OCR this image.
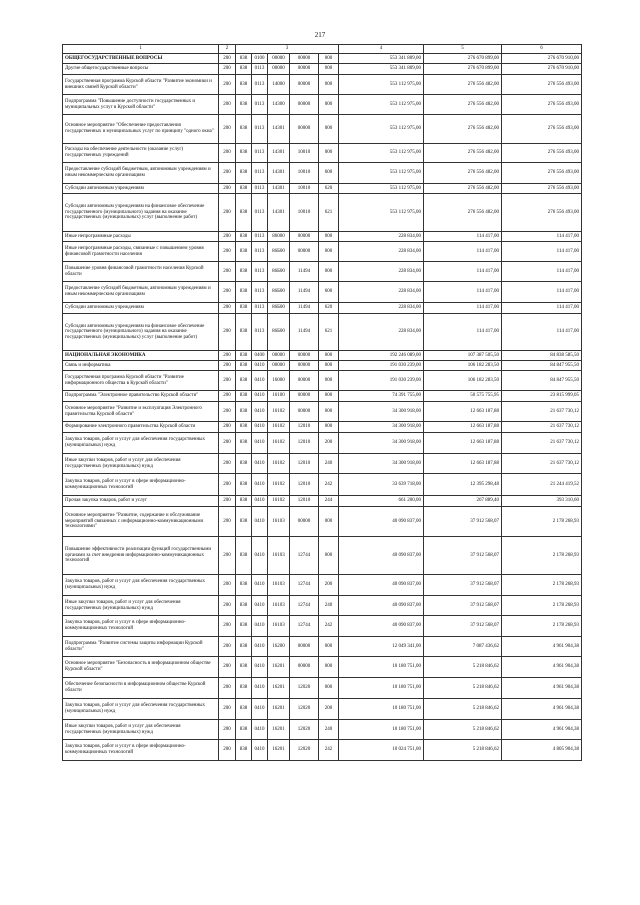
217
1	2	3					4	5	6
ОБЩЕГОСУДАРСТВЕННЫЕ ВОПРОСЫ	200	838	0100	00000	00000	000	553 341 809,00	276 670 899,00	276 670 910,00
Другие общегосударственные вопросы	200	838	0113	00000	00000	000	553 341 809,00	276 670 899,00	276 670 910,00
Государственная программа Курской области "Развитие экономики и внешних связей Курской области"	200	838	0113	14000	00000	000	553 112 975,00	276 556 482,00	276 556 493,00
Подпрограмма "Повышение доступности государственных и муниципальных услуг в Курской области"	200	838	0113	14300	00000	000	553 112 975,00	276 556 482,00	276 556 493,00
Основное мероприятие "Обеспечение предоставления государственных и муниципальных услуг по принципу "одного окна"	200	838	0113	14301	00000	000	553 112 975,00	276 556 482,00	276 556 493,00
Расходы на обеспечение деятельности (оказание услуг) государственных учреждений	200	838	0113	14301	10010	000	553 112 975,00	276 556 482,00	276 556 493,00
Предоставление субсидий бюджетным, автономным учреждениям и иным некоммерческим организациям	200	838	0113	14301	10010	600	553 112 975,00	276 556 482,00	276 556 493,00
Субсидии автономным учреждениям	200	838	0113	14301	10010	620	553 112 975,00	276 556 482,00	276 556 493,00
Субсидии автономным учреждениям на финансовое обеспечение государственного (муниципального) задания на оказание государственных (муниципальных) услуг (выполнение работ)	200	838	0113	14301	10010	621	553 112 975,00	276 556 482,00	276 556 493,00
Иные непрограммные расходы	200	838	0113	86000	00000	000	228 834,00	114 417,00	114 417,00
Иные непрограммные расходы, связанные с повышением уровня финансовой грамотности населения	200	838	0113	86Б00	00000	000	228 834,00	114 417,00	114 417,00
Повышение уровня финансовой грамотности населения Курской области	200	838	0113	86Б00	11494	000	228 834,00	114 417,00	114 417,00
Предоставление субсидий бюджетным, автономным учреждениям и иным некоммерческим организациям	200	838	0113	86Б00	11494	600	228 834,00	114 417,00	114 417,00
Субсидии автономным учреждениям	200	838	0113	86Б00	11494	620	228 834,00	114 417,00	114 417,00
Субсидии автономным учреждениям на финансовое обеспечение государственного (муниципального) задания на оказание государственных (муниципальных) услуг (выполнение работ)	200	838	0113	86Б00	11494	621	228 834,00	114 417,00	114 417,00
НАЦИОНАЛЬНАЯ ЭКОНОМИКА	200	838	0400	00000	00000	000	192 246 089,00	107 387 505,50	84 838 585,50
Связь и информатика	200	838	0410	00000	00000	000	191 030 239,00	106 182 283,50	84 847 955,50
Государственная программа Курской области "Развитие информационного общества в Курской области"	200	838	0410	16000	00000	000	191 030 239,00	106 182 283,50	84 847 955,50
Подпрограмма "Электронное правительство Курской области"	200	838	0410	16100	00000	000	74 391 755,00	50 575 755,95	23 815 999,05
Основное мероприятие "Развитие и эксплуатация Электронного правительства Курской области"	200	838	0410	16102	00000	000	34 300 918,00	12 663 187,88	21 637 730,12
Формирование электронного правительства Курской области	200	838	0410	16102	12010	000	34 300 918,00	12 663 187,88	21 637 730,12
Закупка товаров, работ и услуг для обеспечения государственных (муниципальных) нужд	200	838	0410	16102	12010	200	34 300 918,00	12 663 187,88	21 637 730,12
Иные закупки товаров, работ и услуг для обеспечения государственных (муниципальных) нужд	200	838	0410	16102	12010	240	34 300 918,00	12 663 187,88	21 637 730,12
Закупка товаров, работ и услуг в сфере информационно-коммуникационных технологий	200	838	0410	16102	12010	242	33 639 718,00	12 395 298,48	21 244 419,52
Прочая закупка товаров, работ и услуг	200	838	0410	16102	12010	244	661 200,00	267 889,40	393 310,60
Основное мероприятие "Развитие, содержание и обслуживание мероприятий связанных с информационно-коммуникационными технологиями"	200	838	0410	16103	00000	000	40 090 837,00	37 912 568,07	2 178 268,93
Повышение эффективности реализации функций государственными органами за счет внедрения информационно-коммуникационных технологий	200	838	0410	16103	12744	000	40 090 837,00	37 912 568,07	2 178 268,93
Закупка товаров, работ и услуг для обеспечения государственных (муниципальных) нужд	200	838	0410	16103	12744	200	40 090 837,00	37 912 568,07	2 178 268,93
Иные закупки товаров, работ и услуг для обеспечения государственных (муниципальных) нужд	200	838	0410	16103	12744	240	40 090 837,00	37 912 568,07	2 178 268,93
Закупка товаров, работ и услуг в сфере информационно-коммуникационных технологий	200	838	0410	16103	12744	242	40 090 837,00	37 912 568,07	2 178 268,93
Подпрограмма "Развитие системы защиты информации Курской области"	200	838	0410	16200	00000	000	12 049 341,00	7 087 436,62	4 961 904,38
Основное мероприятие "Безопасность в информационном обществе Курской области"	200	838	0410	16201	00000	000	10 180 751,00	5 218 846,62	4 961 904,38
Обеспечение безопасности в информационном обществе Курской области	200	838	0410	16201	12020	000	10 180 751,00	5 218 846,62	4 961 904,38
Закупка товаров, работ и услуг для обеспечения государственных (муниципальных) нужд	200	838	0410	16201	12020	200	10 180 751,00	5 218 846,62	4 961 904,38
Иные закупки товаров, работ и услуг для обеспечения государственных (муниципальных) нужд	200	838	0410	16201	12020	240	10 180 751,00	5 218 846,62	4 961 904,38
Закупка товаров, работ и услуг в сфере информационно-коммуникационных технологий	200	838	0410	16201	12020	242	10 024 751,00	5 218 846,62	4 805 904,38
